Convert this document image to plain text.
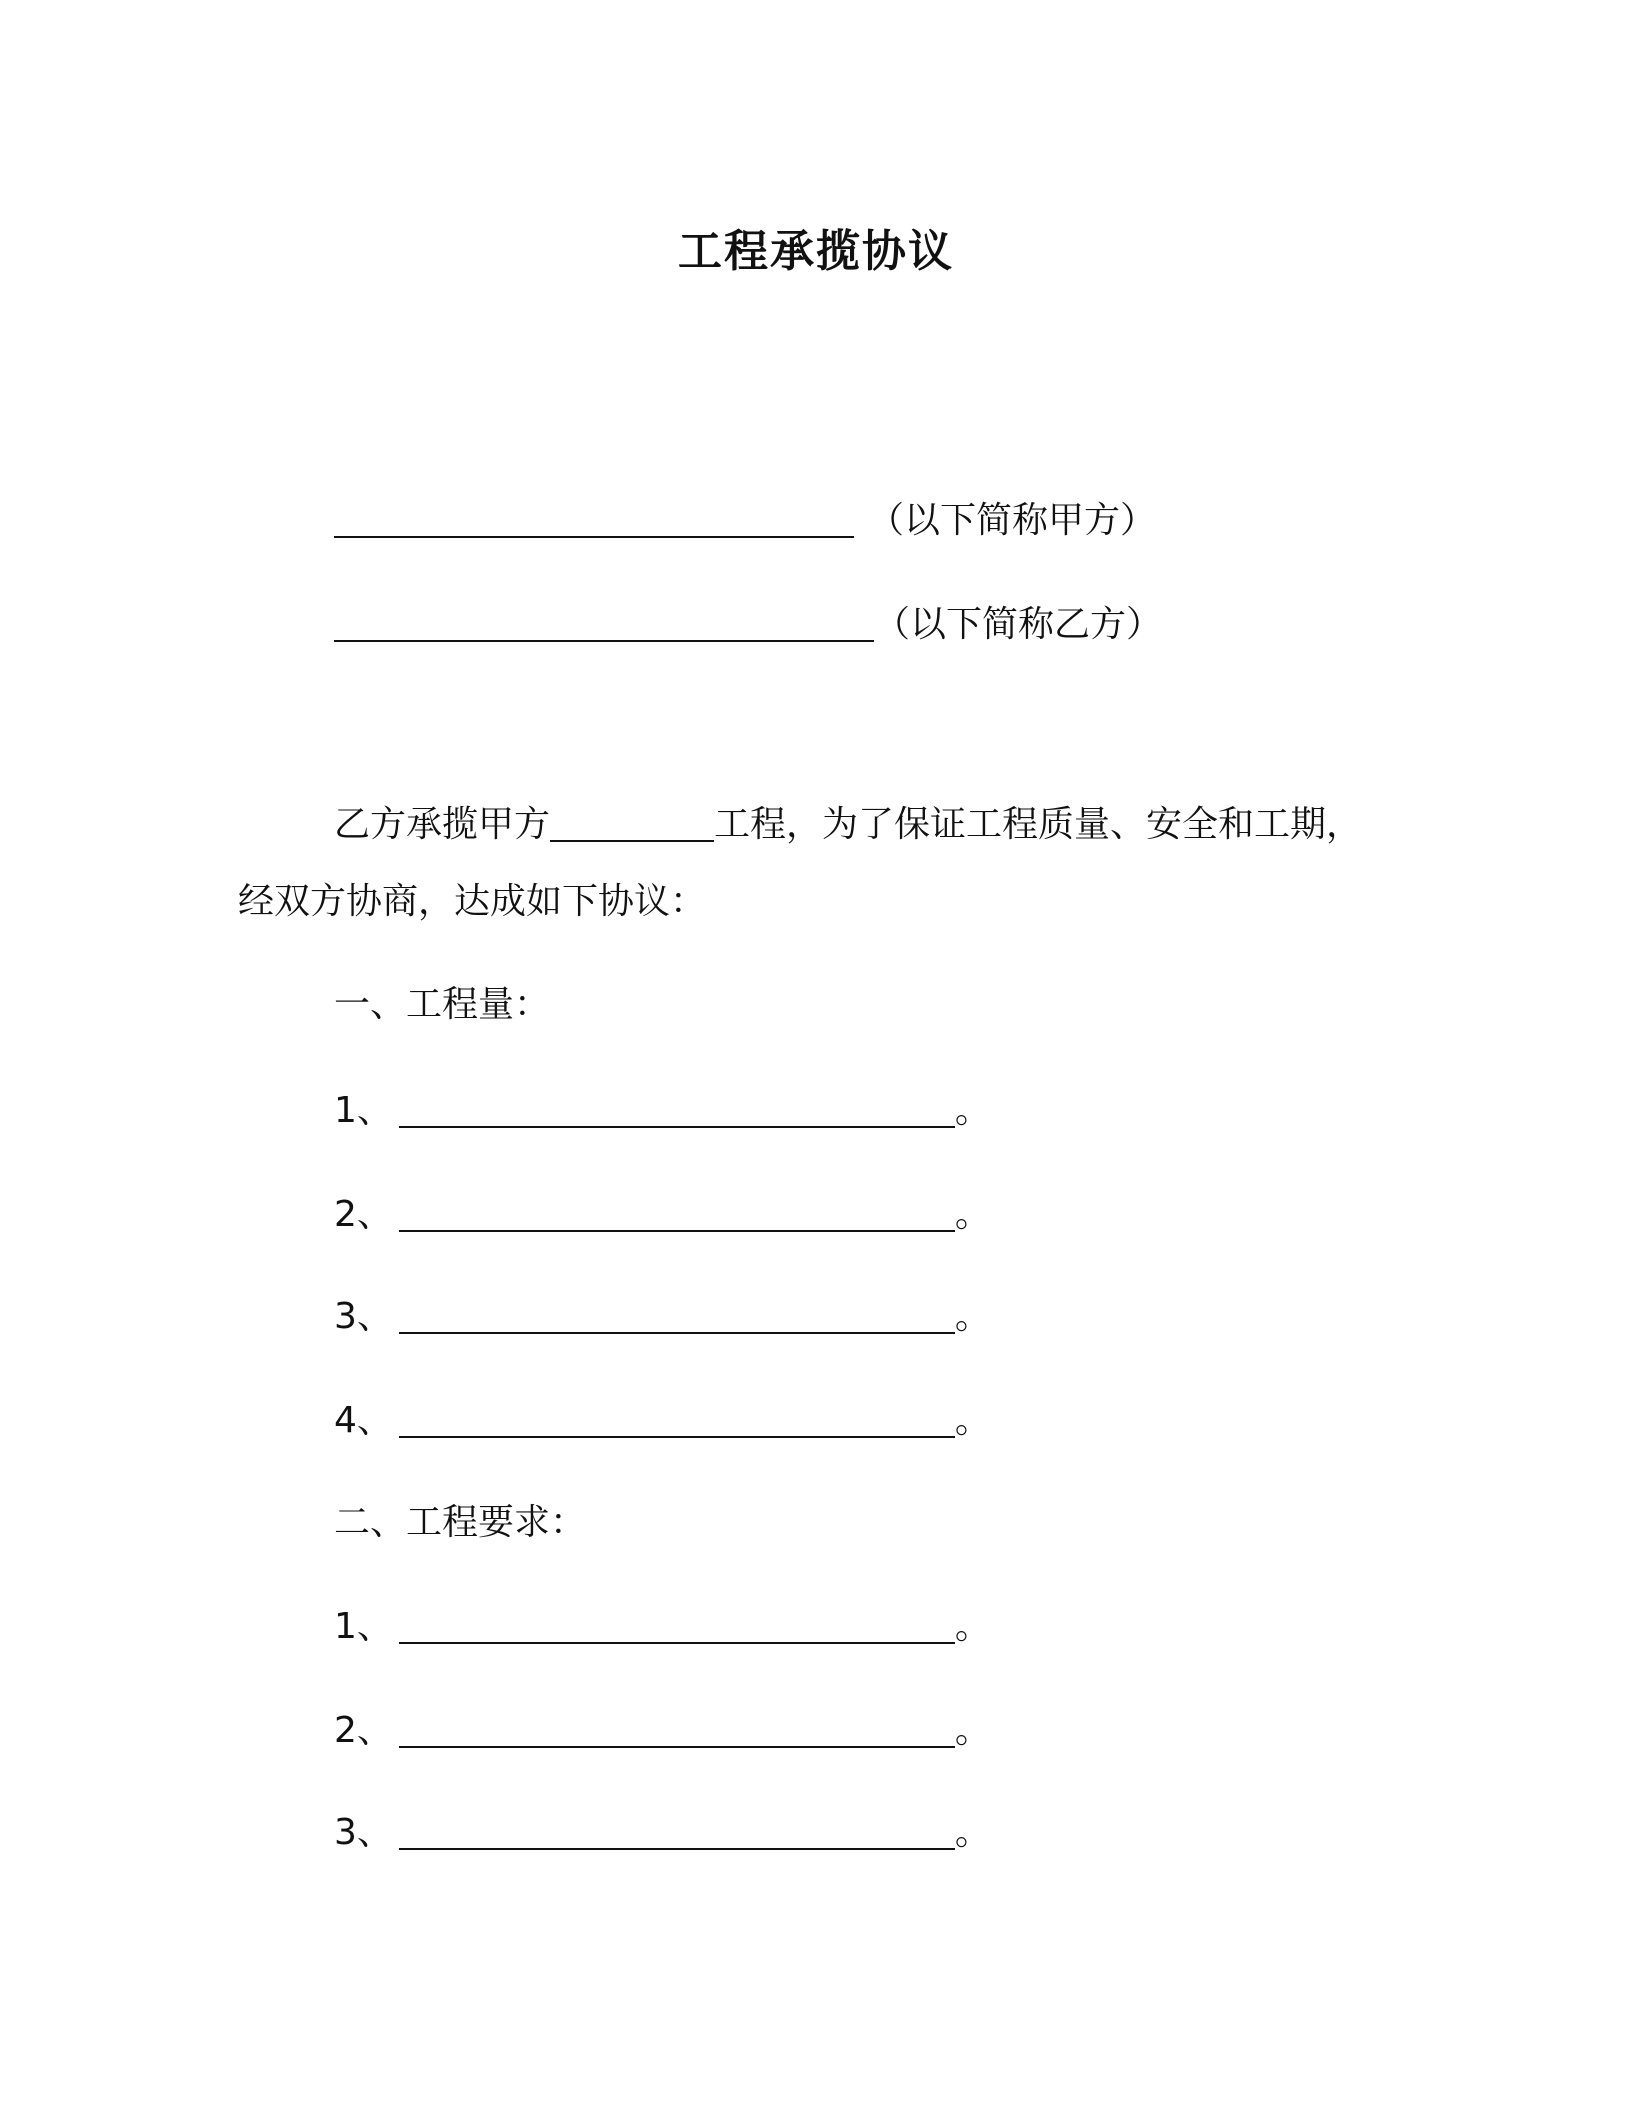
工程承揽协议
（以下简称甲方）
（以下简称乙方）
乙方承揽甲方	工程，为了保证工程质量、安全和工期，
经双方协商，达成如下协议：
一、工程量：
1、	。
2、	。
3、	。
4、	。
二、工程要求：
1、	。
2、	。
3、	。
